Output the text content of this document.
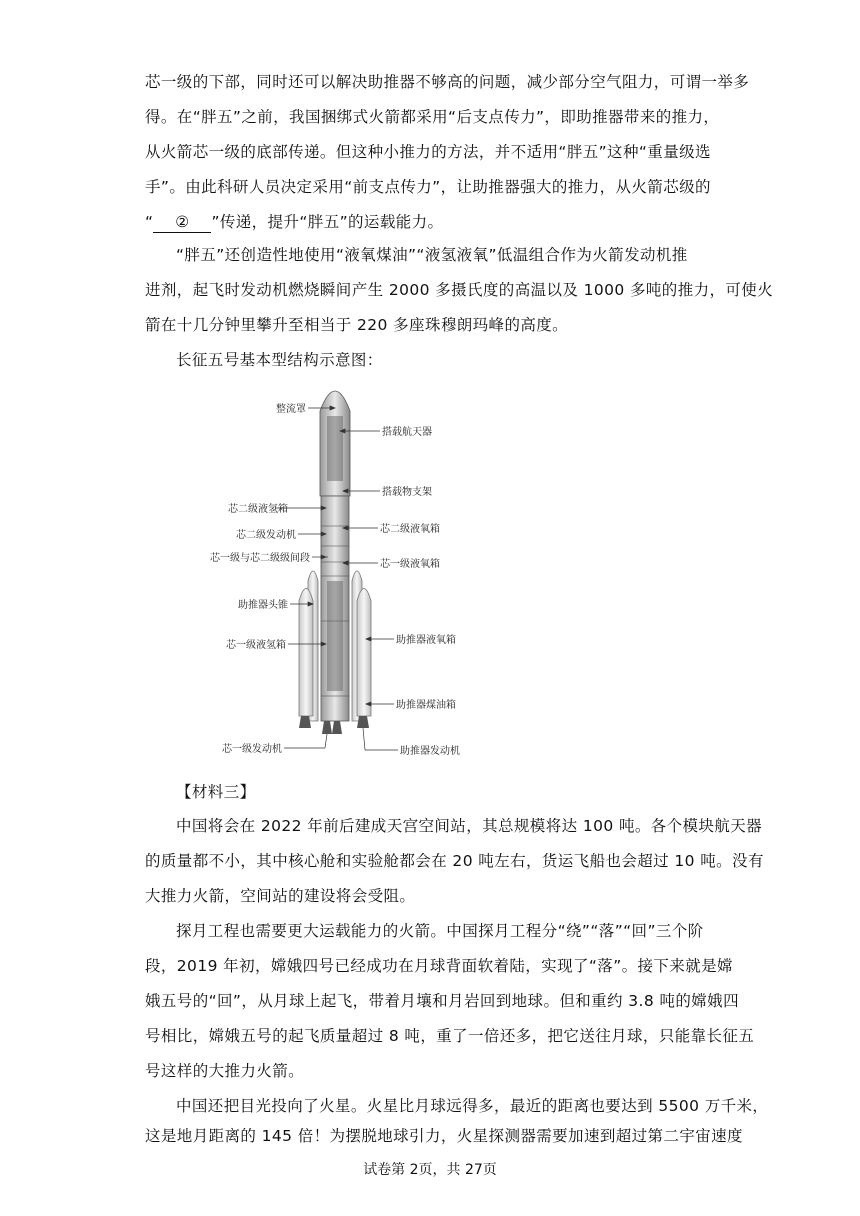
芯一级的下部，同时还可以解决助推器不够高的问题，减少部分空气阻力，可谓一举多
得。在“胖五”之前，我国捆绑式火箭都采用“后支点传力”，即助推器带来的推力，
从火箭芯一级的底部传递。但这种小推力的方法，并不适用“胖五”这种“重量级选
手”。由此科研人员决定采用“前支点传力”，让助推器强大的推力，从火箭芯级的
“ ② ”传递，提升“胖五”的运载能力。
“胖五”还创造性地使用“液氧煤油”“液氢液氧”低温组合作为火箭发动机推
进剂，起飞时发动机燃烧瞬间产生 2000 多摄氏度的高温以及 1000 多吨的推力，可使火
箭在十几分钟里攀升至相当于 220 多座珠穆朗玛峰的高度。
长征五号基本型结构示意图：
整流罩
芯二级液氢箱
芯二级发动机
芯一级与芯二级级间段
助推器头锥
芯一级液氢箱
芯一级发动机
搭载航天器
搭载物支架
芯二级液氧箱
芯一级液氧箱
助推器液氧箱
助推器煤油箱
助推器发动机
【材料三】
中国将会在 2022 年前后建成天宫空间站，其总规模将达 100 吨。各个模块航天器
的质量都不小，其中核心舱和实验舱都会在 20 吨左右，货运飞船也会超过 10 吨。没有
大推力火箭，空间站的建设将会受阻。
探月工程也需要更大运载能力的火箭。中国探月工程分“绕”“落”“回”三个阶
段，2019 年初，嫦娥四号已经成功在月球背面软着陆，实现了“落”。接下来就是嫦
娥五号的“回”，从月球上起飞，带着月壤和月岩回到地球。但和重约 3.8 吨的嫦娥四
号相比，嫦娥五号的起飞质量超过 8 吨，重了一倍还多，把它送往月球，只能靠长征五
号这样的大推力火箭。
中国还把目光投向了火星。火星比月球远得多，最近的距离也要达到 5500 万千米，
这是地月距离的 145 倍！为摆脱地球引力，火星探测器需要加速到超过第二宇宙速度
试卷第 2页，共 27页
